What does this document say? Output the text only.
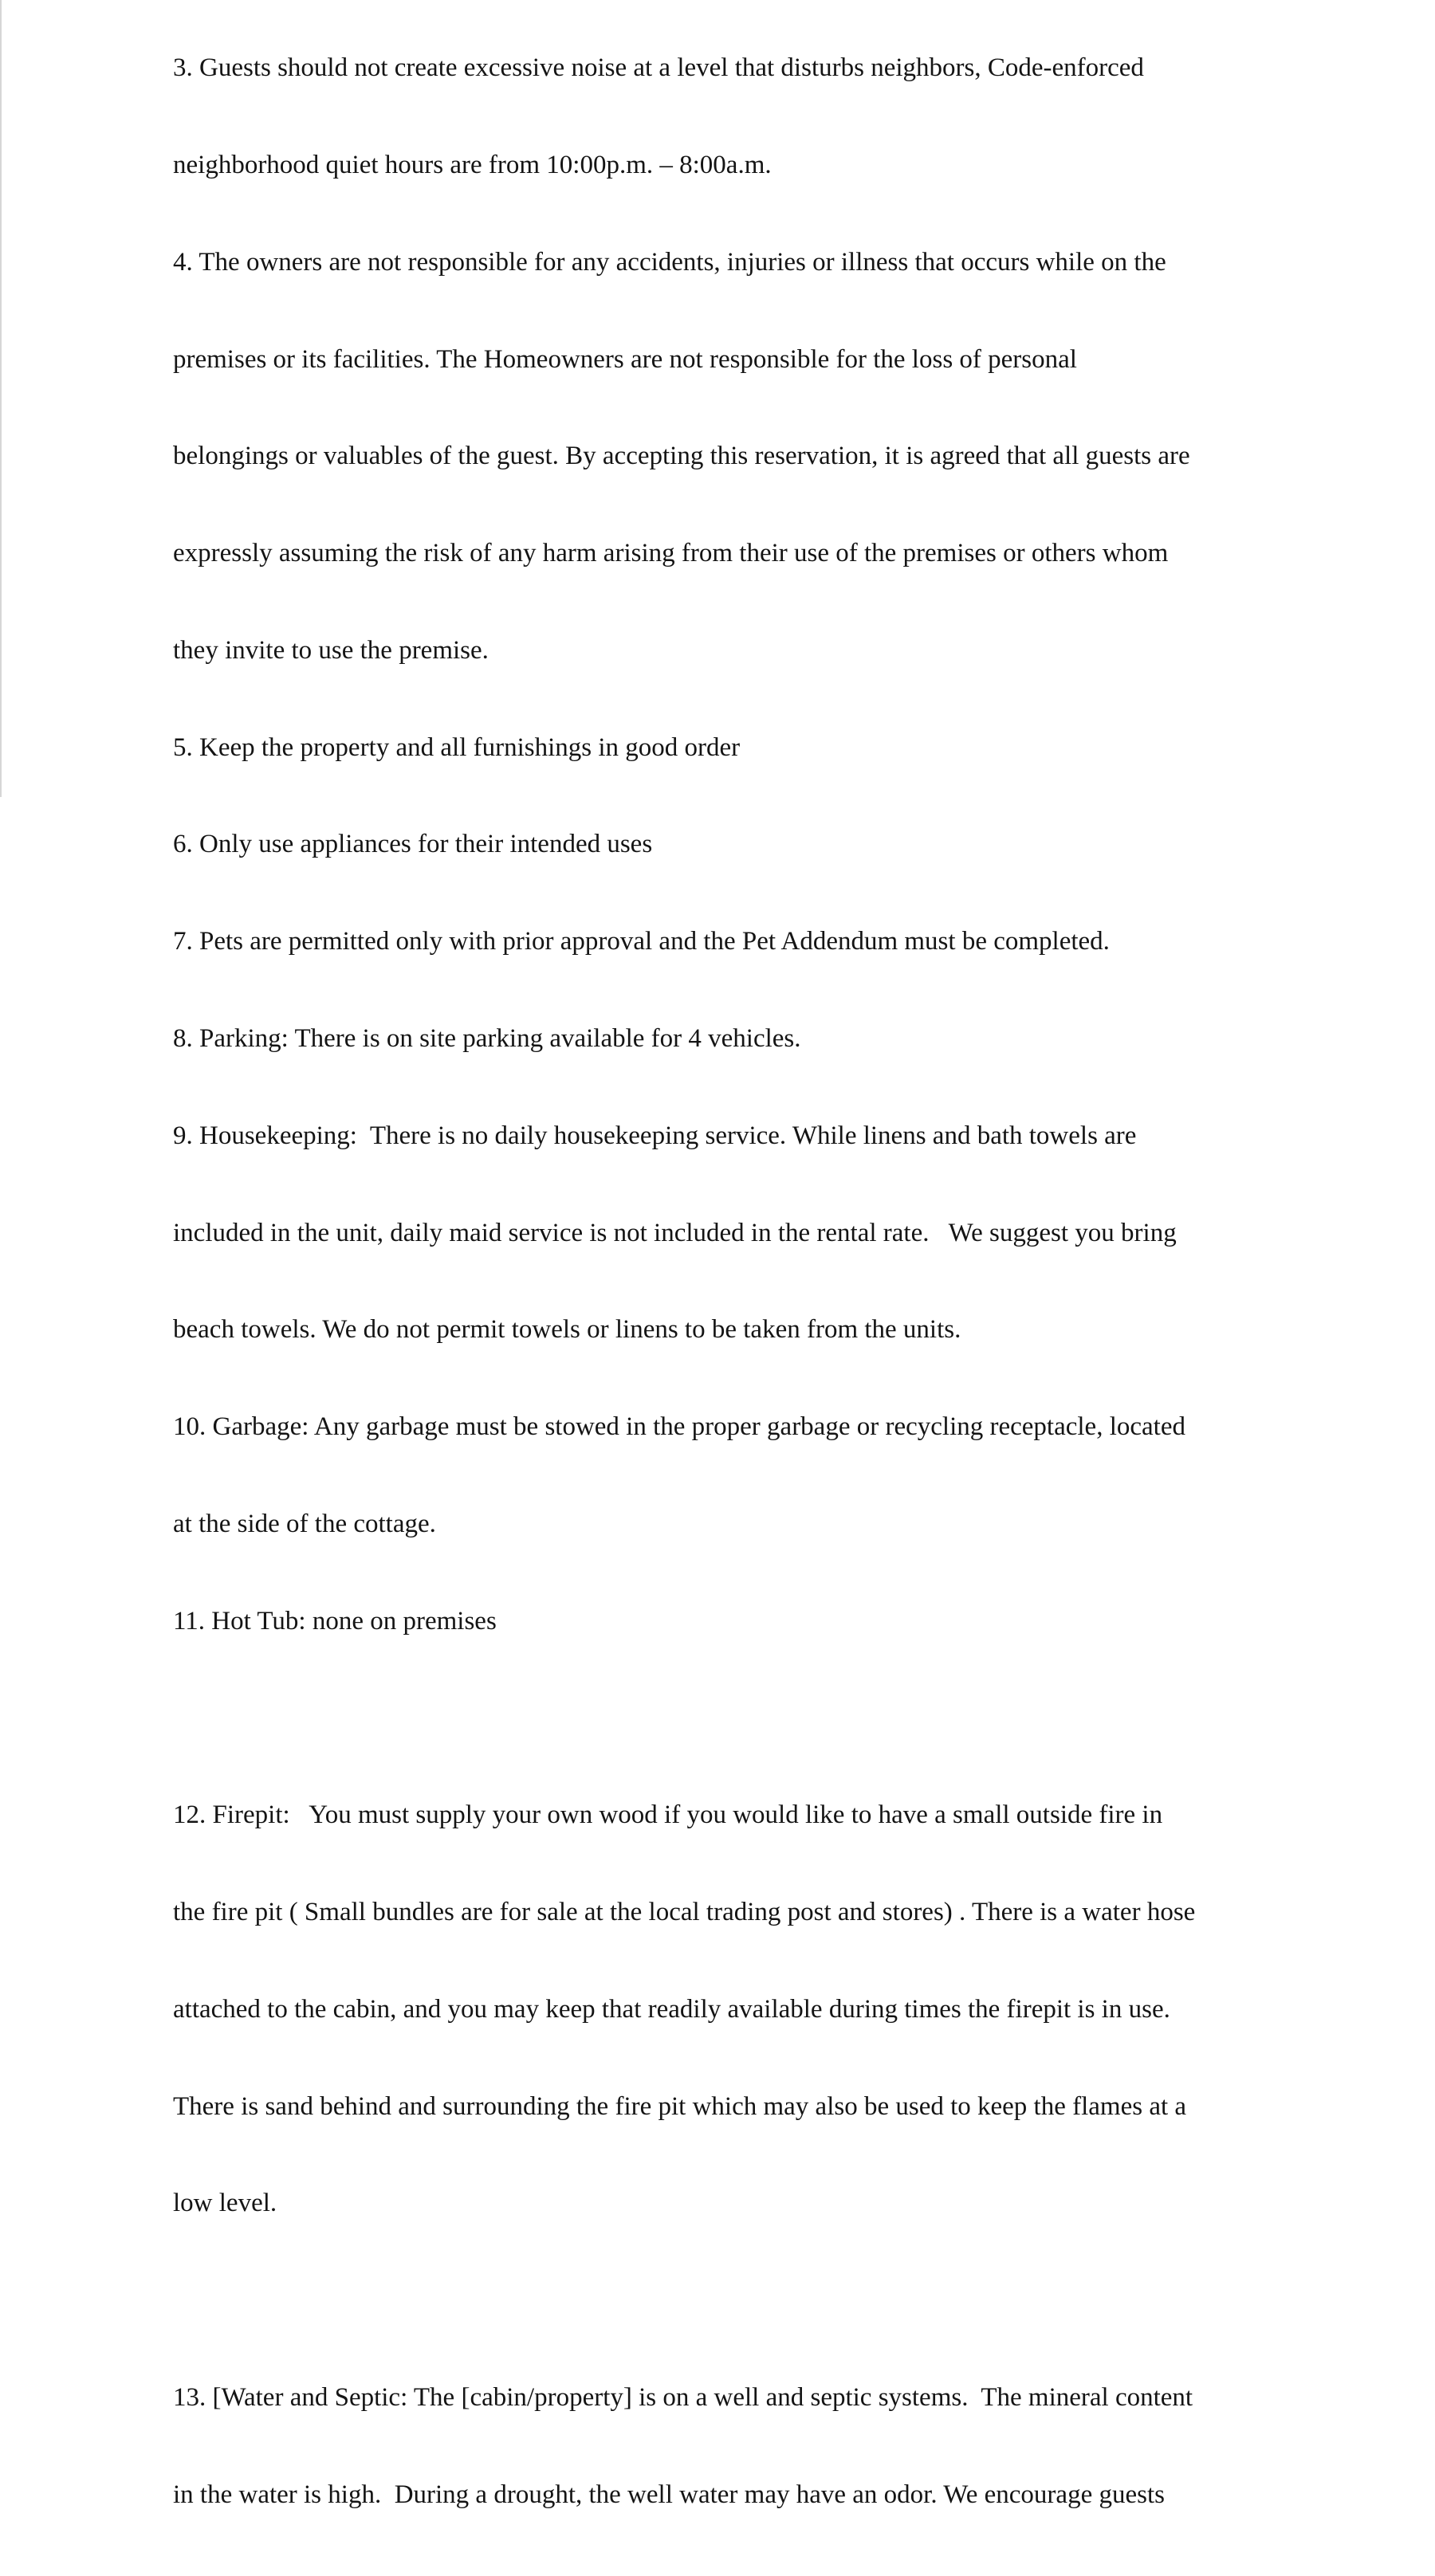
3. Guests should not create excessive noise at a level that disturbs neighbors, Code-enforced

neighborhood quiet hours are from 10:00p.m. – 8:00a.m.

4. The owners are not responsible for any accidents, injuries or illness that occurs while on the

premises or its facilities. The Homeowners are not responsible for the loss of personal

belongings or valuables of the guest. By accepting this reservation, it is agreed that all guests are

expressly assuming the risk of any harm arising from their use of the premises or others whom

they invite to use the premise.

5. Keep the property and all furnishings in good order

6. Only use appliances for their intended uses

7. Pets are permitted only with prior approval and the Pet Addendum must be completed.

8. Parking: There is on site parking available for 4 vehicles.

9. Housekeeping:  There is no daily housekeeping service. While linens and bath towels are

included in the unit, daily maid service is not included in the rental rate.   We suggest you bring

beach towels. We do not permit towels or linens to be taken from the units.

10. Garbage: Any garbage must be stowed in the proper garbage or recycling receptacle, located

at the side of the cottage.

11. Hot Tub: none on premises

12. Firepit:   You must supply your own wood if you would like to have a small outside fire in

the fire pit ( Small bundles are for sale at the local trading post and stores) . There is a water hose

attached to the cabin, and you may keep that readily available during times the firepit is in use.

There is sand behind and surrounding the fire pit which may also be used to keep the flames at a

low level.

13. [Water and Septic: The [cabin/property] is on a well and septic systems.  The mineral content

in the water is high.  During a drought, the well water may have an odor. We encourage guests
